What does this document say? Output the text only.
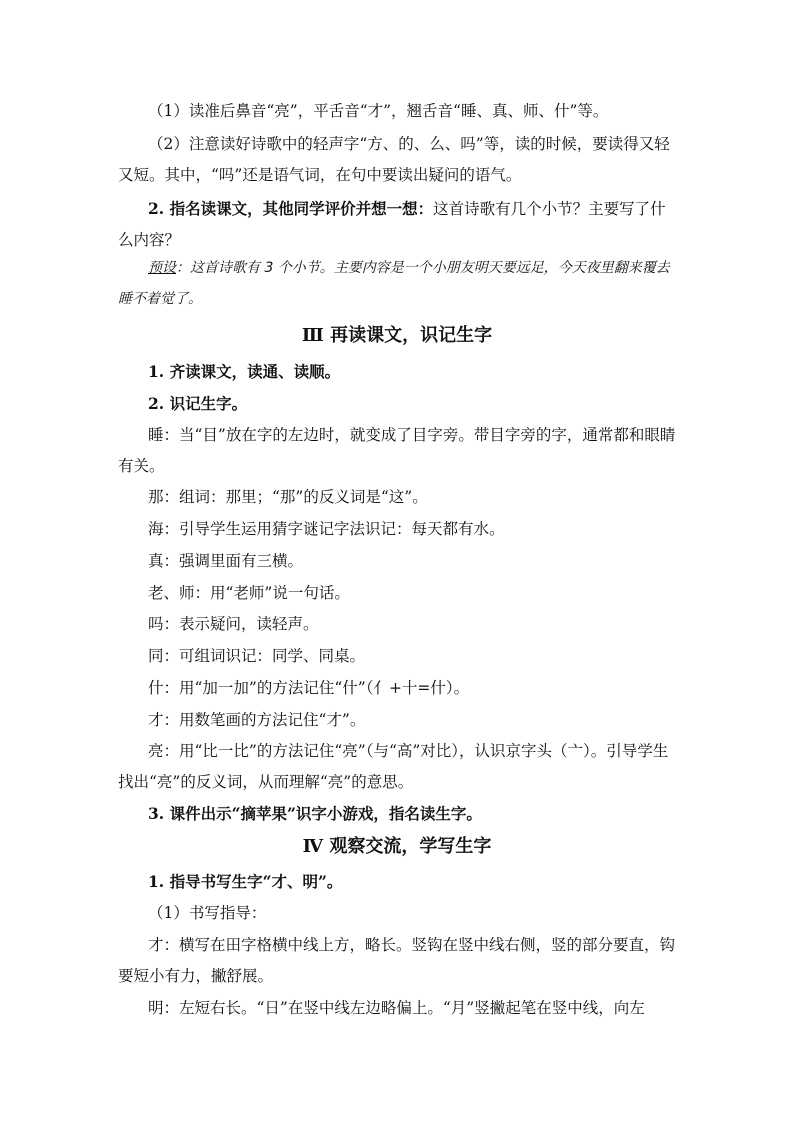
（1）读准后鼻音“亮”，平舌音“才”，翘舌音“睡、真、师、什”等。
（2）注意读好诗歌中的轻声字“方、的、么、吗”等，读的时候，要读得又轻又短。其中，“吗”还是语气词，在句中要读出疑问的语气。
2. 指名读课文，其他同学评价并想一想：这首诗歌有几个小节？主要写了什么内容？
预设：这首诗歌有 3 个小节。主要内容是一个小朋友明天要远足，今天夜里翻来覆去睡不着觉了。
Ⅲ 再读课文，识记生字
1. 齐读课文，读通、读顺。
2. 识记生字。
睡：当“目”放在字的左边时，就变成了目字旁。带目字旁的字，通常都和眼睛有关。
那：组词：那里；“那”的反义词是“这”。
海：引导学生运用猜字谜记字法识记：每天都有水。
真：强调里面有三横。
老、师：用“老师”说一句话。
吗：表示疑问，读轻声。
同：可组词识记：同学、同桌。
什：用“加一加”的方法记住“什”（亻+十=什）。
才：用数笔画的方法记住“才”。
亮：用“比一比”的方法记住“亮”（与“高”对比），认识京字头（亠）。引导学生找出“亮”的反义词，从而理解“亮”的意思。
3. 课件出示“摘苹果”识字小游戏，指名读生字。
Ⅳ 观察交流，学写生字
1. 指导书写生字“才、明”。
（1）书写指导：
才：横写在田字格横中线上方，略长。竖钩在竖中线右侧，竖的部分要直，钩要短小有力，撇舒展。
明：左短右长。“日”在竖中线左边略偏上。“月”竖撇起笔在竖中线，向左
